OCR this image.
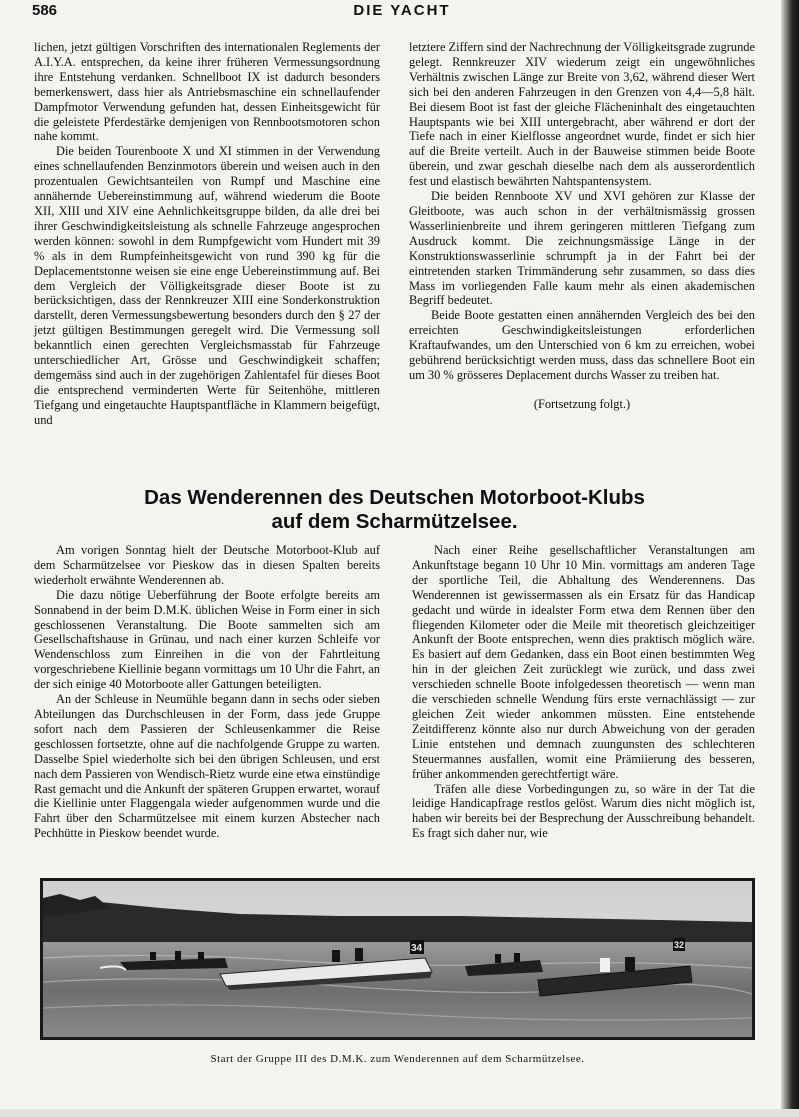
586	DIE YACHT

lichen, jetzt gültigen Vorschriften des internationalen Reglements der A.I.Y.A. entsprechen, da keine ihrer früheren Vermessungsordnung ihre Entstehung verdanken. Schnellboot IX ist dadurch besonders bemerkenswert, dass hier als Antriebsmaschine ein schnellaufender Dampfmotor Verwendung gefunden hat, dessen Einheitsgewicht für die geleistete Pferdestärke demjenigen von Rennbootsmotoren schon nahe kommt.

Die beiden Tourenboote X und XI stimmen in der Verwendung eines schnellaufenden Benzinmotors überein und weisen auch in den prozentualen Gewichtsanteilen von Rumpf und Maschine eine annähernde Uebereinstimmung auf, während wiederum die Boote XII, XIII und XIV eine Aehnlichkeitsgruppe bilden, da alle drei bei ihrer Geschwindigkeitsleistung als schnelle Fahrzeuge angesprochen werden können: sowohl in dem Rumpfgewicht vom Hundert mit 39 % als in dem Rumpfeinheitsgewicht von rund 390 kg für die Deplacementstonne weisen sie eine enge Uebereinstimmung auf. Bei dem Vergleich der Völligkeitsgrade dieser Boote ist zu berücksichtigen, dass der Rennkreuzer XIII eine Sonderkonstruktion darstellt, deren Vermessungsbewertung besonders durch den § 27 der jetzt gültigen Bestimmungen geregelt wird. Die Vermessung soll bekanntlich einen gerechten Vergleichsmasstab für Fahrzeuge unterschiedlicher Art, Grösse und Geschwindigkeit schaffen; demgemäss sind auch in der zugehörigen Zahlentafel für dieses Boot die entsprechend verminderten Werte für Seitenhöhe, mittleren Tiefgang und eingetauchte Hauptspantfläche in Klammern beigefügt, und

letztere Ziffern sind der Nachrechnung der Völligkeitsgrade zugrunde gelegt. Rennkreuzer XIV wiederum zeigt ein ungewöhnliches Verhältnis zwischen Länge zur Breite von 3,62, während dieser Wert sich bei den anderen Fahrzeugen in den Grenzen von 4,4—5,8 hält. Bei diesem Boot ist fast der gleiche Flächeninhalt des eingetauchten Hauptspants wie bei XIII untergebracht, aber während er dort der Tiefe nach in einer Kielflosse angeordnet wurde, findet er sich hier auf die Breite verteilt. Auch in der Bauweise stimmen beide Boote überein, und zwar geschah dieselbe nach dem als ausserordentlich fest und elastisch bewährten Nahtspantensystem.

Die beiden Rennboote XV und XVI gehören zur Klasse der Gleitboote, was auch schon in der verhältnismässig grossen Wasserlinienbreite und ihrem geringeren mittleren Tiefgang zum Ausdruck kommt. Die zeichnungsmässige Länge in der Konstruktionswasserlinie schrumpft ja in der Fahrt bei der eintretenden starken Trimmänderung sehr zusammen, so dass dies Mass im vorliegenden Falle kaum mehr als einen akademischen Begriff bedeutet.

Beide Boote gestatten einen annähernden Vergleich des bei den erreichten Geschwindigkeitsleistungen erforderlichen Kraftaufwandes, um den Unterschied von 6 km zu erreichen, wobei gebührend berücksichtigt werden muss, dass das schnellere Boot ein um 30 % grösseres Deplacement durchs Wasser zu treiben hat.

(Fortsetzung folgt.)

Das Wenderennen des Deutschen Motorboot-Klubs
auf dem Scharmützelsee.

Am vorigen Sonntag hielt der Deutsche Motorboot-Klub auf dem Scharmützelsee vor Pieskow das in diesen Spalten bereits wiederholt erwähnte Wenderennen ab.

Die dazu nötige Ueberführung der Boote erfolgte bereits am Sonnabend in der beim D.M.K. üblichen Weise in Form einer in sich geschlossenen Veranstaltung. Die Boote sammelten sich am Gesellschaftshause in Grünau, und nach einer kurzen Schleife vor Wendenschloss zum Einreihen in die von der Fahrtleitung vorgeschriebene Kiellinie begann vormittags um 10 Uhr die Fahrt, an der sich einige 40 Motorboote aller Gattungen beteiligten.

An der Schleuse in Neumühle begann dann in sechs oder sieben Abteilungen das Durchschleusen in der Form, dass jede Gruppe sofort nach dem Passieren der Schleusenkammer die Reise geschlossen fortsetzte, ohne auf die nachfolgende Gruppe zu warten. Dasselbe Spiel wiederholte sich bei den übrigen Schleusen, und erst nach dem Passieren von Wendisch-Rietz wurde eine etwa einstündige Rast gemacht und die Ankunft der späteren Gruppen erwartet, worauf die Kiellinie unter Flaggengala wieder aufgenommen wurde und die Fahrt über den Scharmützelsee mit einem kurzen Abstecher nach Pechhütte in Pieskow beendet wurde.

Nach einer Reihe gesellschaftlicher Veranstaltungen am Ankunftstage begann 10 Uhr 10 Min. vormittags am anderen Tage der sportliche Teil, die Abhaltung des Wenderennens. Das Wenderennen ist gewissermassen als ein Ersatz für das Handicap gedacht und würde in idealster Form etwa dem Rennen über den fliegenden Kilometer oder die Meile mit theoretisch gleichzeitiger Ankunft der Boote entsprechen, wenn dies praktisch möglich wäre. Es basiert auf dem Gedanken, dass ein Boot einen bestimmten Weg hin in der gleichen Zeit zurücklegt wie zurück, und dass zwei verschieden schnelle Boote infolgedessen theoretisch — wenn man die verschieden schnelle Wendung fürs erste vernachlässigt — zur gleichen Zeit wieder ankommen müssten. Eine entstehende Zeitdifferenz könnte also nur durch Abweichung von der geraden Linie entstehen und demnach zuungunsten des schlechteren Steuermannes ausfallen, womit eine Prämiierung des besseren, früher ankommenden gerechtfertigt wäre.

Träfen alle diese Vorbedingungen zu, so wäre in der Tat die leidige Handicapfrage restlos gelöst. Warum dies nicht möglich ist, haben wir bereits bei der Besprechung der Ausschreibung behandelt. Es fragt sich daher nur, wie

34	32
Start der Gruppe III des D.M.K. zum Wenderennen auf dem Scharmützelsee.
